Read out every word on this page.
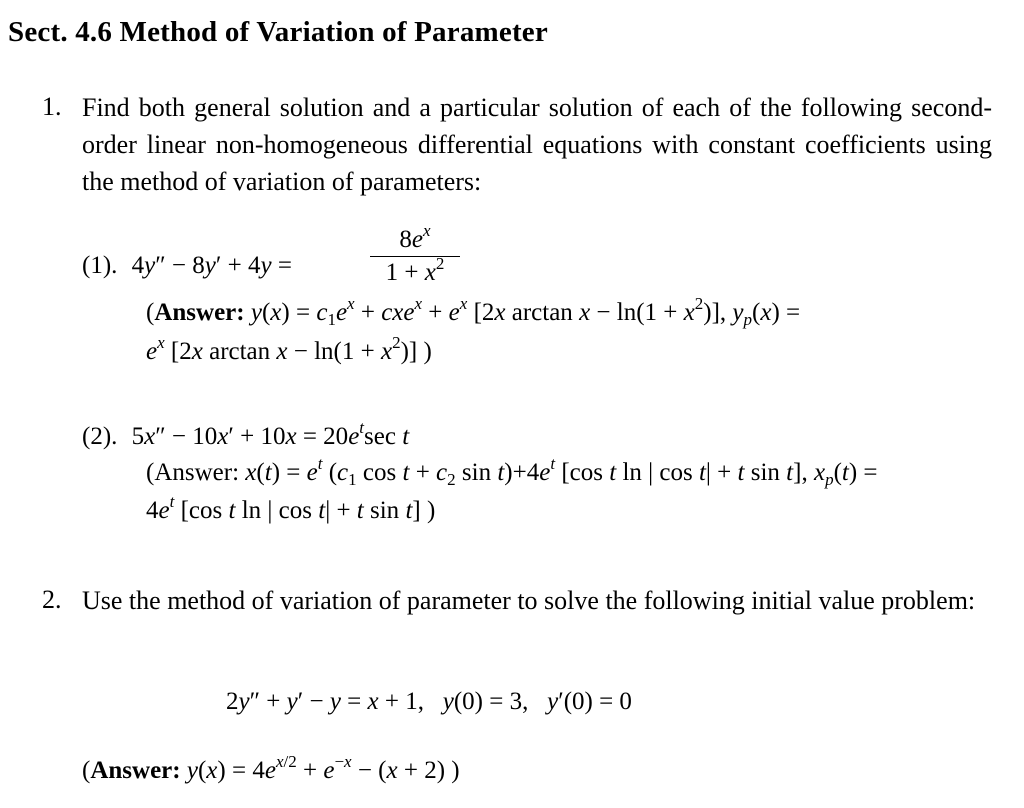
Sect. 4.6 Method of Variation of Parameter
1. Find both general solution and a particular solution of each of the following second-order linear non-homogeneous differential equations with constant coefficients using the method of variation of parameters:
(1). 4y″ − 8y′ + 4y =
$8e^x$
$1 + x^2$
(Answer: $y(x) = c_1e^x + cxe^x + e^x$ [2x $\arctan x - \ln(1 + x^2)$], $y_p(x)$ =
$e^x$ [2x $\arctan x - \ln(1 + x^2)$] )
(2). $5x'' - 10x' + 10x = 20e^t\sec$ t
(Answer: $x(t) = e^t$ ($c_1$ $\cos t + c_2$ $\sin t)+4e^t$ [cos t ln | cos t| + t sin t], $x_p(t)$ =
$4e^t$ [cos t ln | cos t| + t sin t] )
2. Use the method of variation of parameter to solve the following initial value problem:
2y″ + y′ − y = x + 1,   y(0) = 3,   y′(0) = 0
(Answer: $y(x) = 4e^{x/2} + e^{-x} - (x + 2)$ )
